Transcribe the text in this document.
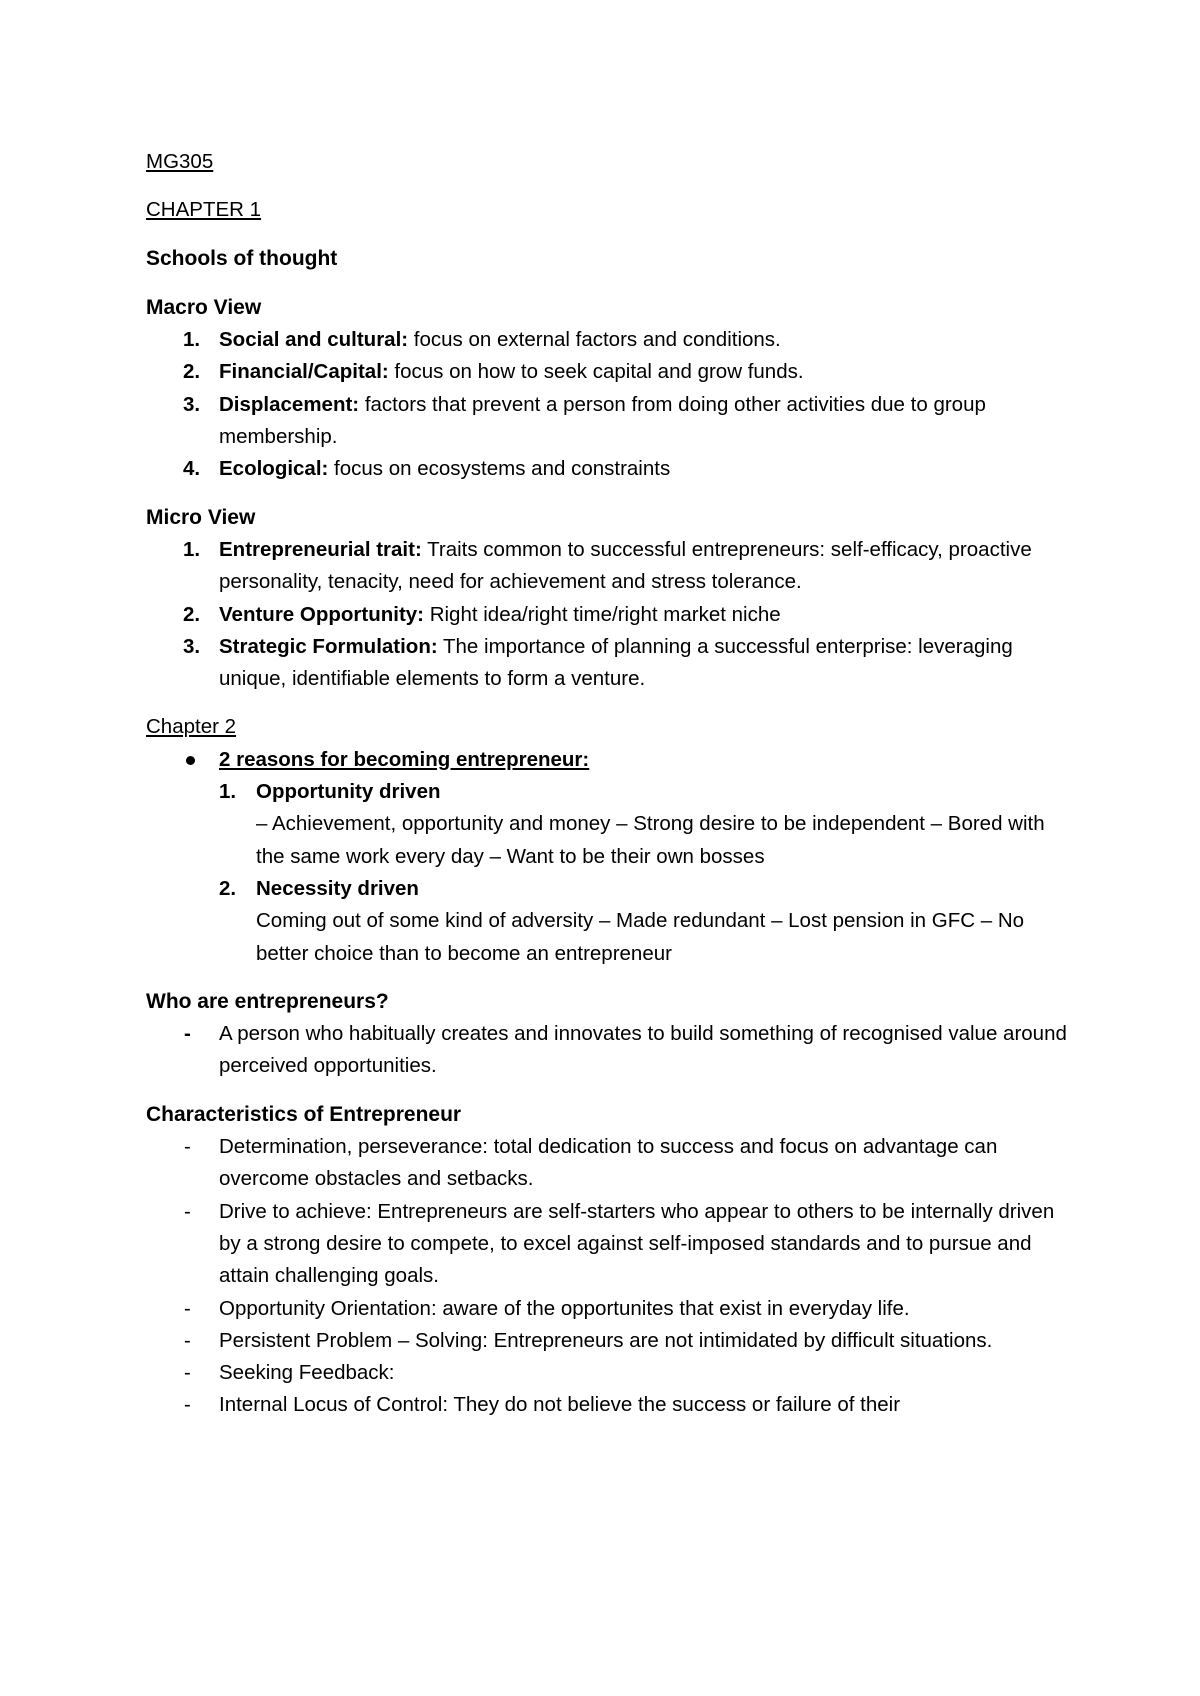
MG305

CHAPTER 1

Schools of thought

Macro View

1. Social and cultural: focus on external factors and conditions.
2. Financial/Capital: focus on how to seek capital and grow funds.
3. Displacement: factors that prevent a person from doing other activities due to group membership.
4. Ecological: focus on ecosystems and constraints

Micro View

1. Entrepreneurial trait: Traits common to successful entrepreneurs: self-efficacy, proactive personality, tenacity, need for achievement and stress tolerance.
2. Venture Opportunity: Right idea/right time/right market niche
3. Strategic Formulation: The importance of planning a successful enterprise: leveraging unique, identifiable elements to form a venture.

Chapter 2

2 reasons for becoming entrepreneur:
1. Opportunity driven
– Achievement, opportunity and money – Strong desire to be independent – Bored with the same work every day – Want to be their own bosses
2. Necessity driven
Coming out of some kind of adversity – Made redundant – Lost pension in GFC – No better choice than to become an entrepreneur

Who are entrepreneurs?

- A person who habitually creates and innovates to build something of recognised value around perceived opportunities.

Characteristics of Entrepreneur

- Determination, perseverance: total dedication to success and focus on advantage can overcome obstacles and setbacks.
- Drive to achieve: Entrepreneurs are self-starters who appear to others to be internally driven by a strong desire to compete, to excel against self-imposed standards and to pursue and attain challenging goals.
- Opportunity Orientation: aware of the opportunites that exist in everyday life.
- Persistent Problem – Solving: Entrepreneurs are not intimidated by difficult situations.
- Seeking Feedback:
- Internal Locus of Control: They do not believe the success or failure of their
